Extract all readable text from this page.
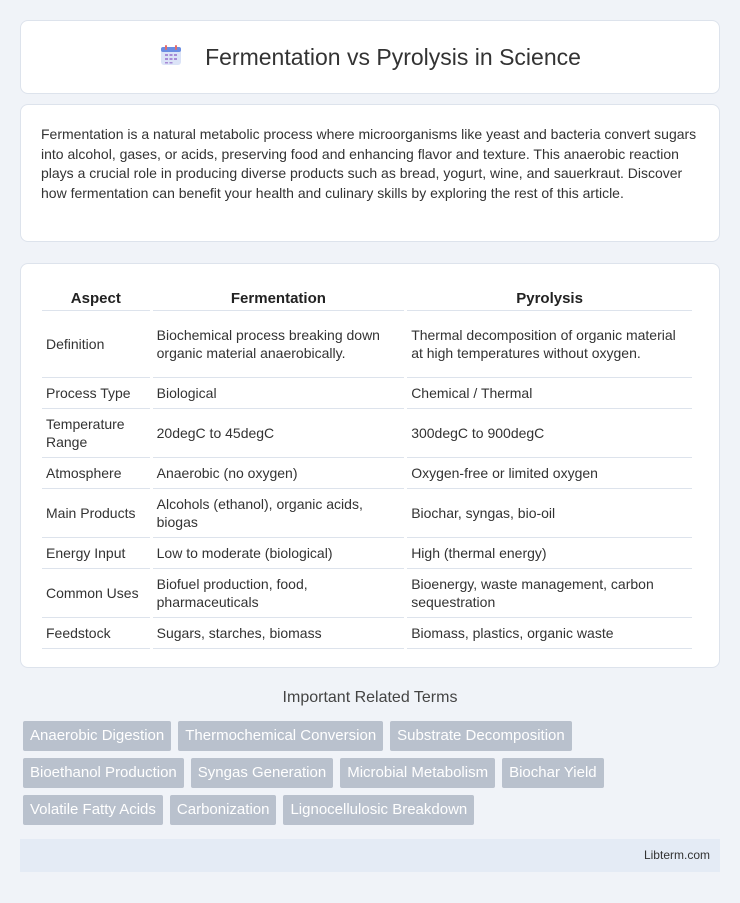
Fermentation vs Pyrolysis in Science

Fermentation is a natural metabolic process where microorganisms like yeast and bacteria convert sugars into alcohol, gases, or acids, preserving food and enhancing flavor and texture. This anaerobic reaction plays a crucial role in producing diverse products such as bread, yogurt, wine, and sauerkraut. Discover how fermentation can benefit your health and culinary skills by exploring the rest of this article.

Aspect	Fermentation	Pyrolysis
Definition	Biochemical process breaking down organic material anaerobically.	Thermal decomposition of organic material at high temperatures without oxygen.
Process Type	Biological	Chemical / Thermal
Temperature Range	20degC to 45degC	300degC to 900degC
Atmosphere	Anaerobic (no oxygen)	Oxygen-free or limited oxygen
Main Products	Alcohols (ethanol), organic acids, biogas	Biochar, syngas, bio-oil
Energy Input	Low to moderate (biological)	High (thermal energy)
Common Uses	Biofuel production, food, pharmaceuticals	Bioenergy, waste management, carbon sequestration
Feedstock	Sugars, starches, biomass	Biomass, plastics, organic waste
Important Related Terms
Anaerobic Digestion	Thermochemical Conversion	Substrate Decomposition
Bioethanol Production	Syngas Generation	Microbial Metabolism	Biochar Yield
Volatile Fatty Acids	Carbonization	Lignocellulosic Breakdown
Libterm.com
